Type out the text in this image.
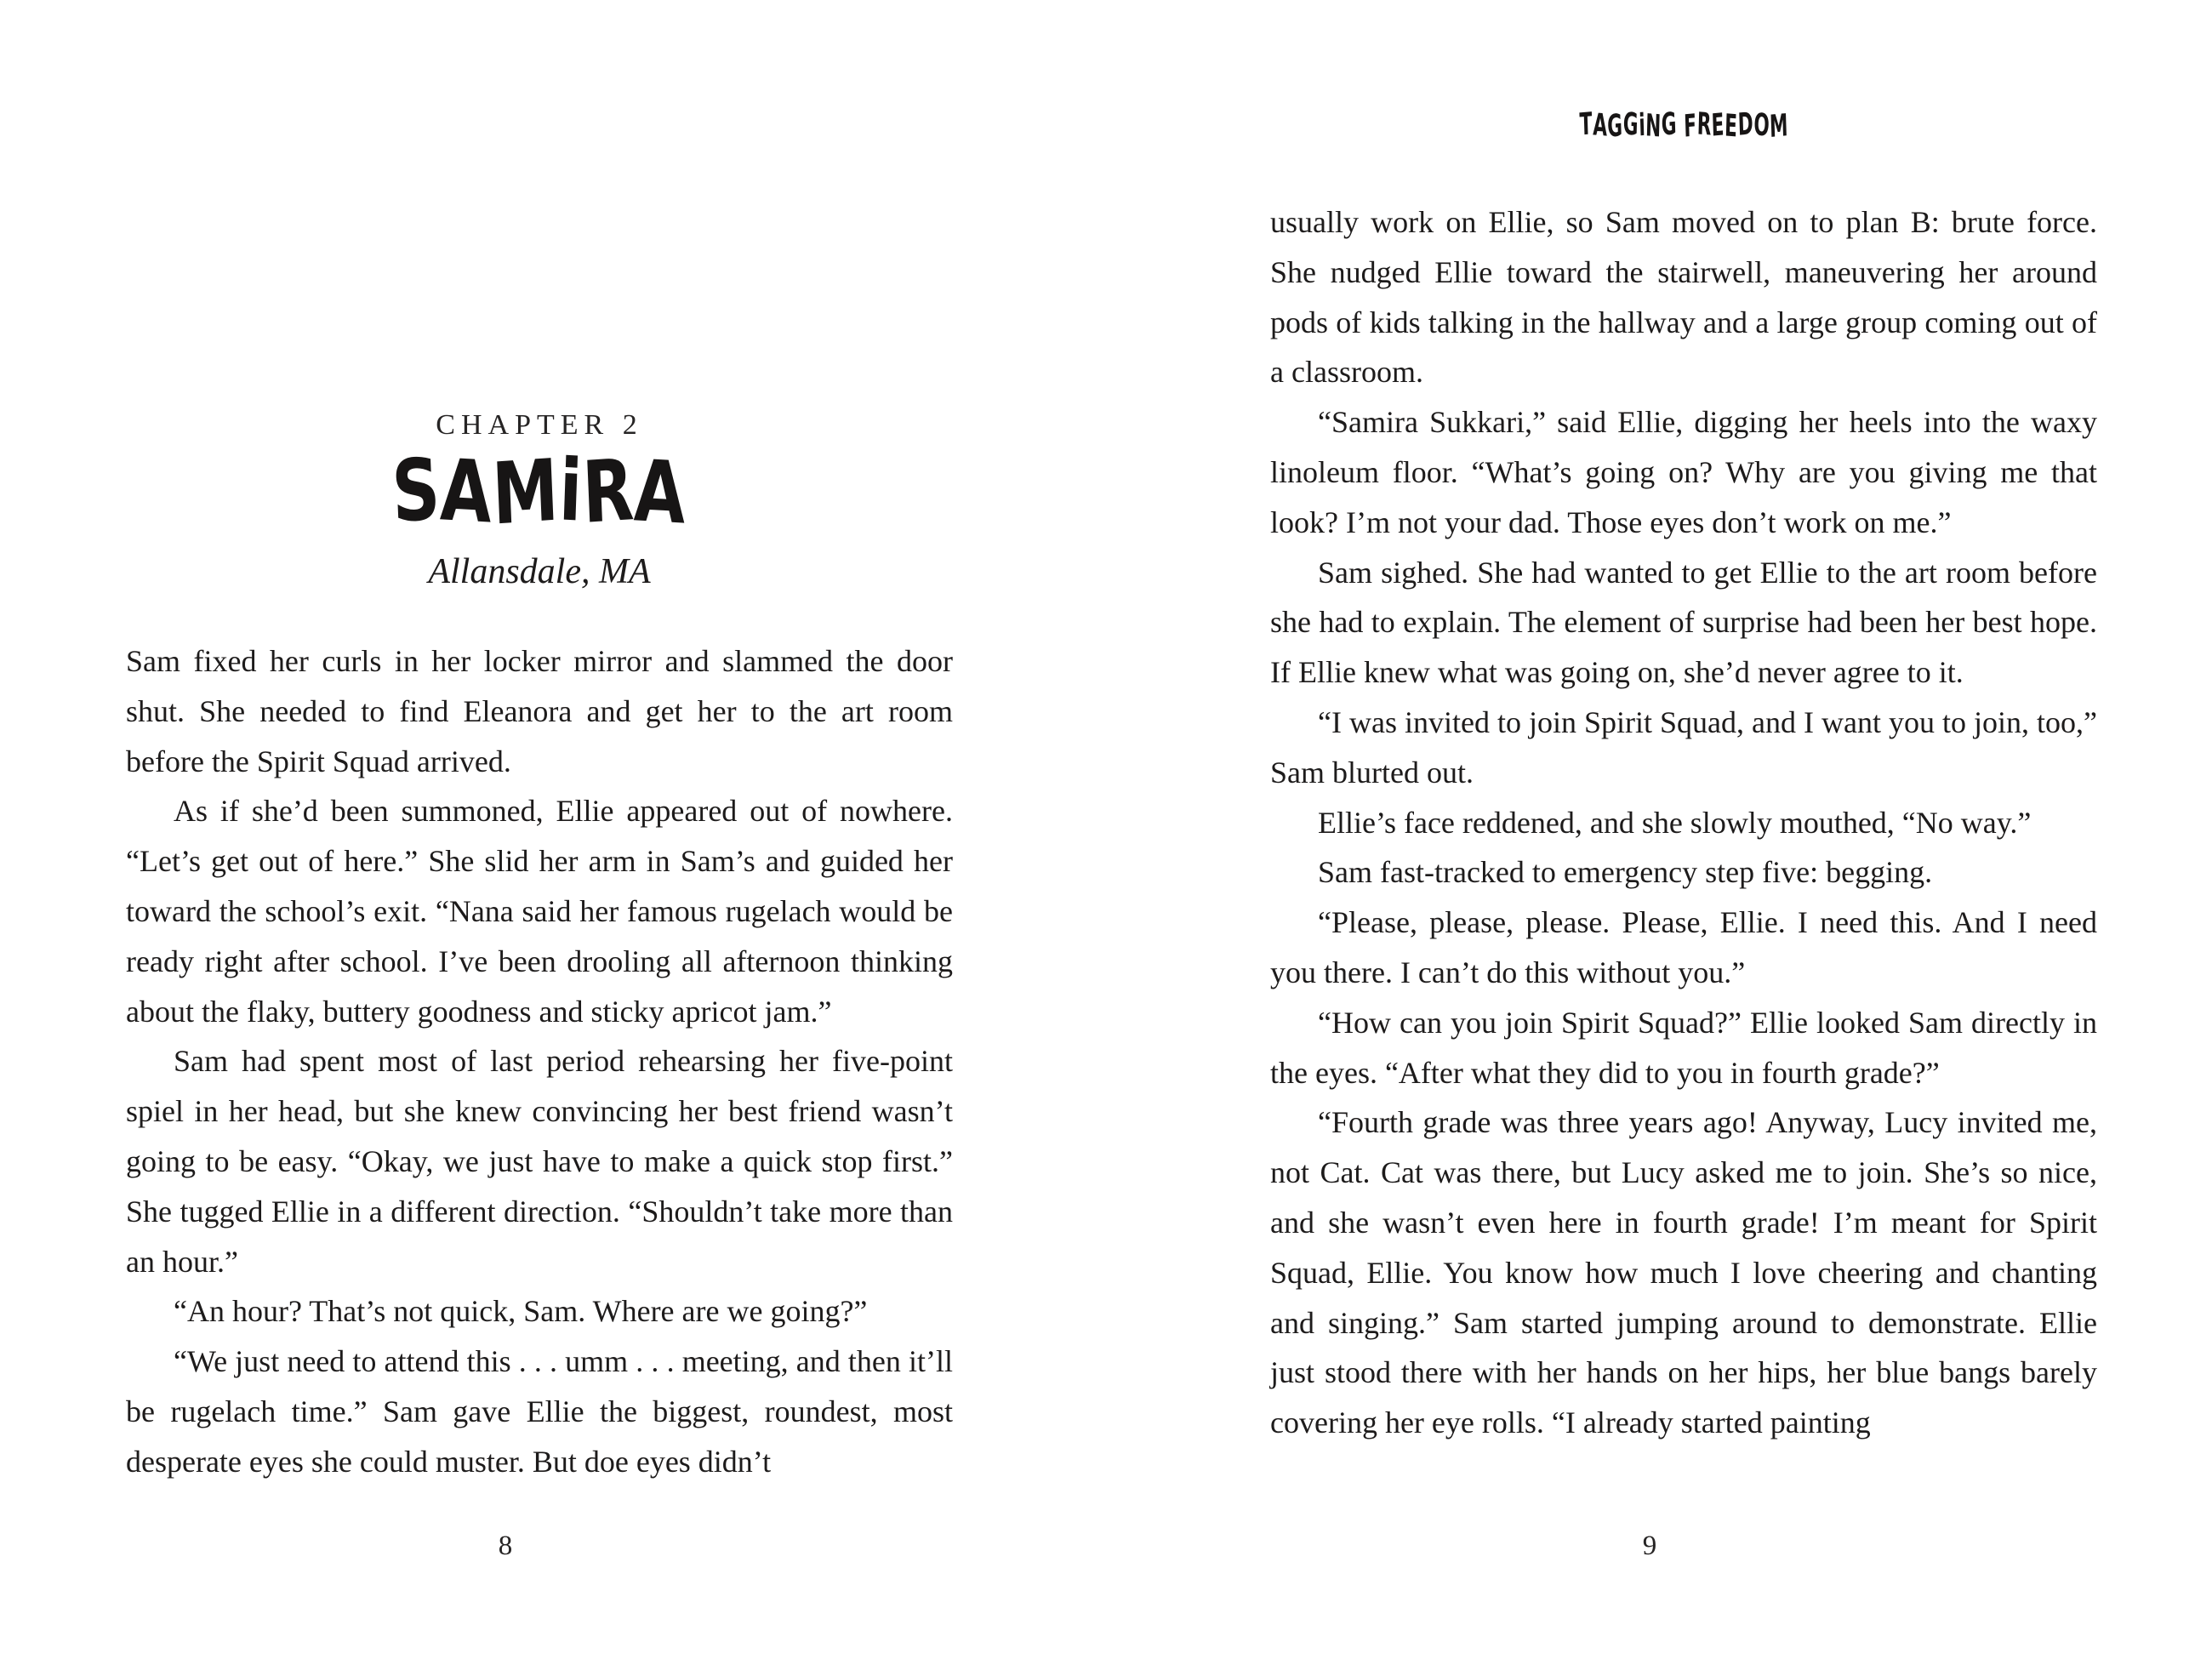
CHAPTER 2
SAMiRA
Allansdale, MA

Sam fixed her curls in her locker mirror and slammed the door shut. She needed to find Eleanora and get her to the art room before the Spirit Squad arrived.

As if she’d been summoned, Ellie appeared out of nowhere. “Let’s get out of here.” She slid her arm in Sam’s and guided her toward the school’s exit. “Nana said her famous rugelach would be ready right after school. I’ve been drooling all afternoon thinking about the flaky, buttery goodness and sticky apricot jam.”

Sam had spent most of last period rehearsing her five-point spiel in her head, but she knew convincing her best friend wasn’t going to be easy. “Okay, we just have to make a quick stop first.” She tugged Ellie in a different direction. “Shouldn’t take more than an hour.”

“An hour? That’s not quick, Sam. Where are we going?”

“We just need to attend this . . . umm . . . meeting, and then it’ll be rugelach time.” Sam gave Ellie the biggest, roundest, most desperate eyes she could muster. But doe eyes didn’t

8
TAGGiNG FREEDOM

usually work on Ellie, so Sam moved on to plan B: brute force. She nudged Ellie toward the stairwell, maneuvering her around pods of kids talking in the hallway and a large group coming out of a classroom.

“Samira Sukkari,” said Ellie, digging her heels into the waxy linoleum floor. “What’s going on? Why are you giving me that look? I’m not your dad. Those eyes don’t work on me.”

Sam sighed. She had wanted to get Ellie to the art room before she had to explain. The element of surprise had been her best hope. If Ellie knew what was going on, she’d never agree to it.

“I was invited to join Spirit Squad, and I want you to join, too,” Sam blurted out.

Ellie’s face reddened, and she slowly mouthed, “No way.”

Sam fast-tracked to emergency step five: begging.

“Please, please, please. Please, Ellie. I need this. And I need you there. I can’t do this without you.”

“How can you join Spirit Squad?” Ellie looked Sam directly in the eyes. “After what they did to you in fourth grade?”

“Fourth grade was three years ago! Anyway, Lucy invited me, not Cat. Cat was there, but Lucy asked me to join. She’s so nice, and she wasn’t even here in fourth grade! I’m meant for Spirit Squad, Ellie. You know how much I love cheering and chanting and singing.” Sam started jumping around to demonstrate. Ellie just stood there with her hands on her hips, her blue bangs barely covering her eye rolls. “I already started painting

9
